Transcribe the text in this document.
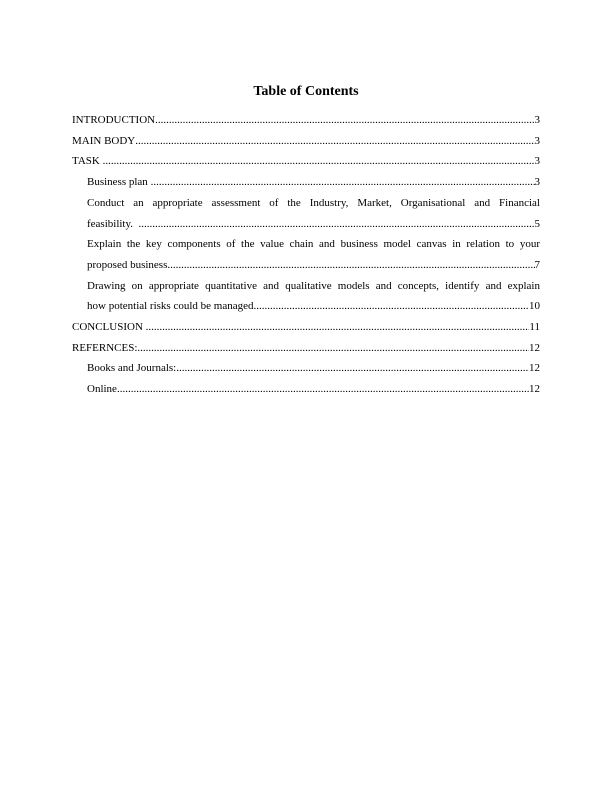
Table of Contents
INTRODUCTION .....	3
MAIN BODY .....	3
TASK .....	3
Business plan .....	3
Conduct an appropriate assessment of the Industry, Market, Organisational and Financial
feasibility. .....	5
Explain the key components of the value chain and business model canvas in relation to your
proposed business .....	7
Drawing on appropriate quantitative and qualitative models and concepts, identify and explain
how potential risks could be managed .....	10
CONCLUSION .....	11
REFERNCES: .....	12
Books and Journals: .....	12
Online .....	12
